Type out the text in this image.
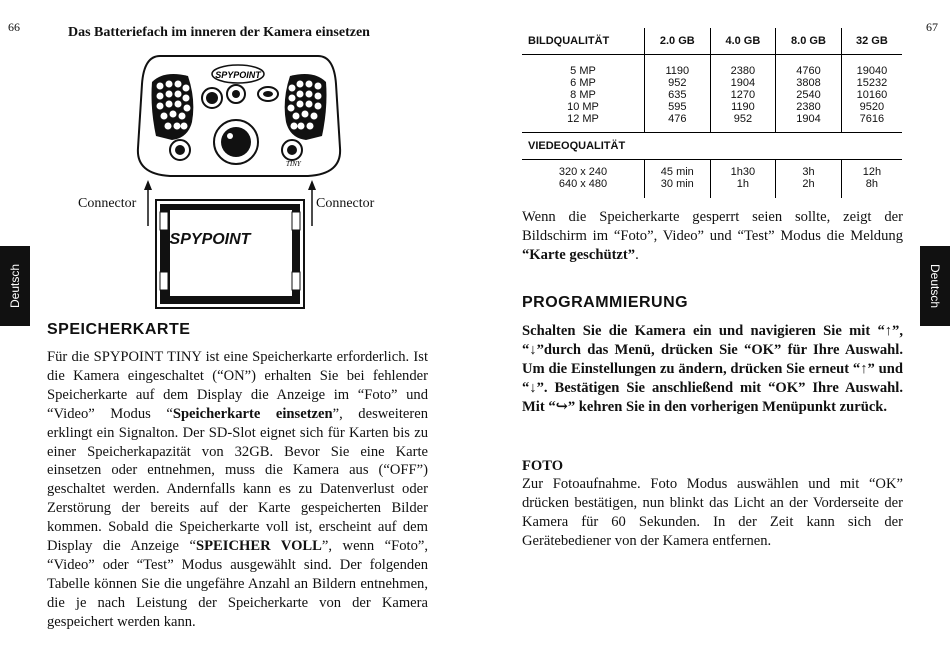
66	67
Deutsch	Deutsch
Das Batteriefach im inneren der Kamera einsetzen
SPYPOINT
TINY
SPYPOINT
Connector	Connector
SPEICHERKARTE
Für die SPYPOINT TINY ist eine Speicherkarte erforderlich. Ist die Kamera eingeschaltet (“ON”) erhalten Sie bei fehlender Speicherkarte auf dem Display die Anzeige im “Foto” und “Video” Modus “Speicherkarte einsetzen”, desweiteren erklingt ein Signalton. Der SD-Slot eignet sich für Karten bis zu einer Speicherkapazität von 32GB. Bevor Sie eine Karte einsetzen oder entnehmen, muss die Kamera aus (“OFF”) geschaltet werden. Andernfalls kann es zu Datenverlust oder Zerstörung der bereits auf der Karte gespeicherten Bilder kommen. Sobald die Speicherkarte voll ist, erscheint auf dem Display die Anzeige “SPEICHER VOLL”, wenn “Foto”, “Video” oder “Test” Modus ausgewählt sind. Der folgenden Tabelle können Sie die ungefähre Anzahl an Bildern entnehmen, die je nach Leistung der Speicherkarte von der Kamera gespeichert werden kann.
BILDQUALITÄT	2.0 GB	4.0 GB	8.0 GB	32 GB

5 MP	1190	2380	4760	19040
6 MP	952	1904	3808	15232
8 MP	635	1270	2540	10160
10 MP	595	1190	2380	9520
12 MP	476	952	1904	7616

VIEDEOQUALITÄT				

320 x 240	45 min	1h30	3h	12h
640 x 480	30 min	1h	2h	8h

Wenn die Speicherkarte gesperrt seien sollte, zeigt der Bildschirm im “Foto”, Video” und “Test” Modus die Meldung “Karte geschützt”.
PROGRAMMIERUNG
Schalten Sie die Kamera ein und navigieren Sie mit “↑”, “↓”durch das Menü, drücken Sie “OK” für Ihre Auswahl. Um die Einstellungen zu ändern, drücken Sie erneut “↑” und “↓”. Bestätigen Sie anschließend mit “OK” Ihre Auswahl. Mit “↪” kehren Sie in den vorherigen Menüpunkt zurück.
FOTO
Zur Fotoaufnahme. Foto Modus auswählen und mit “OK” drücken bestätigen, nun blinkt das Licht an der Vorderseite der Kamera für 60 Sekunden. In der Zeit kann sich der Gerätebediener von der Kamera entfernen.
